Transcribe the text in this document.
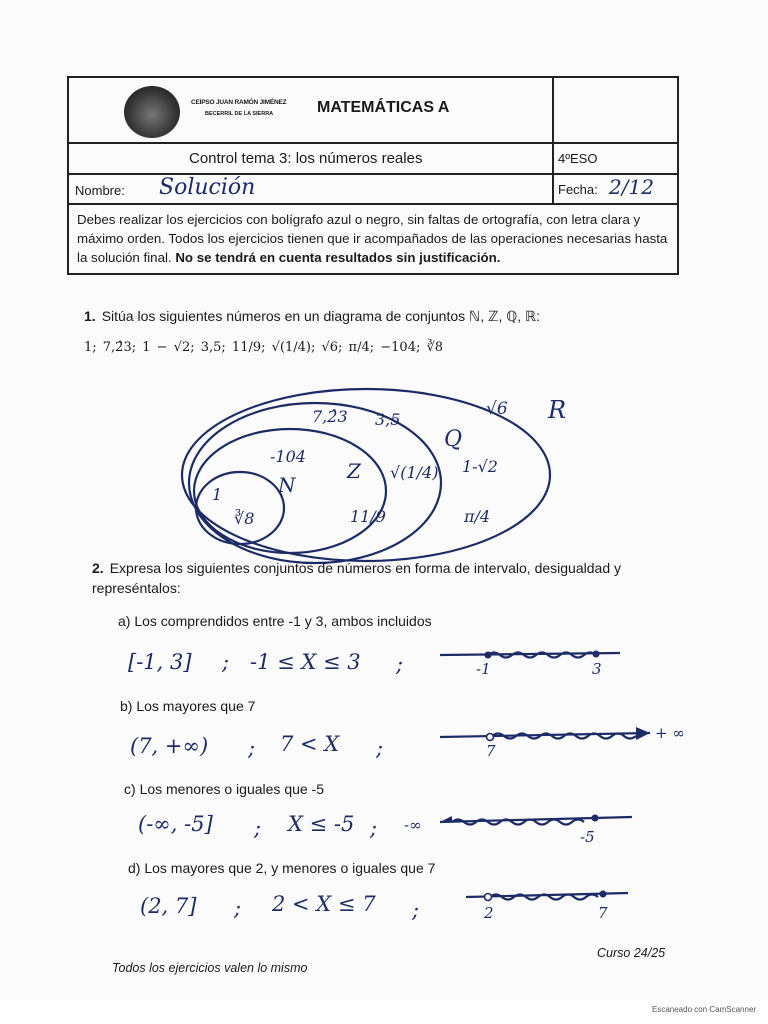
CEIPSO JUAN RAMÓN JIMÉNEZ
BECERRIL DE LA SIERRA	MATEMÁTICAS A
Control tema 3: los números reales	4ºESO
Nombre: Solución	Fecha: 2/12
Debes realizar los ejercicios con bolígrafo azul o negro, sin faltas de ortografía, con letra clara y máximo orden. Todos los ejercicios tienen que ir acompañados de las operaciones necesarias hasta la solución final. No se tendrá en cuenta resultados sin justificación.
1. Sitúa los siguientes números en un diagrama de conjuntos ℕ, ℤ, ℚ, ℝ:
1; 7,2̂3; 1 − √2; 3,5; 11/9; √(1/4); √6; π/4; −104; ∛8
R
Q
Z
N
1
∛8
-104
7,2̂3 3,5
√(1/4)
11/9
√6
1-√2
π/4
2. Expresa los siguientes conjuntos de números en forma de intervalo, desigualdad y represéntalos:
a) Los comprendidos entre -1 y 3, ambos incluidos
[-1, 3] ; -1 ≤ X ≤ 3 ;	-1	3
b) Los mayores que 7
(7, +∞) ; 7 < X ;	7
+ ∞
c) Los menores o iguales que -5
(-∞, -5] ; X ≤ -5 ; -∞
-5
d) Los mayores que 2, y menores o iguales que 7
(2, 7] ; 2 < X ≤ 7 ;	2	7
Curso 24/25
Todos los ejercicios valen lo mismo
Escaneado con CamScanner
